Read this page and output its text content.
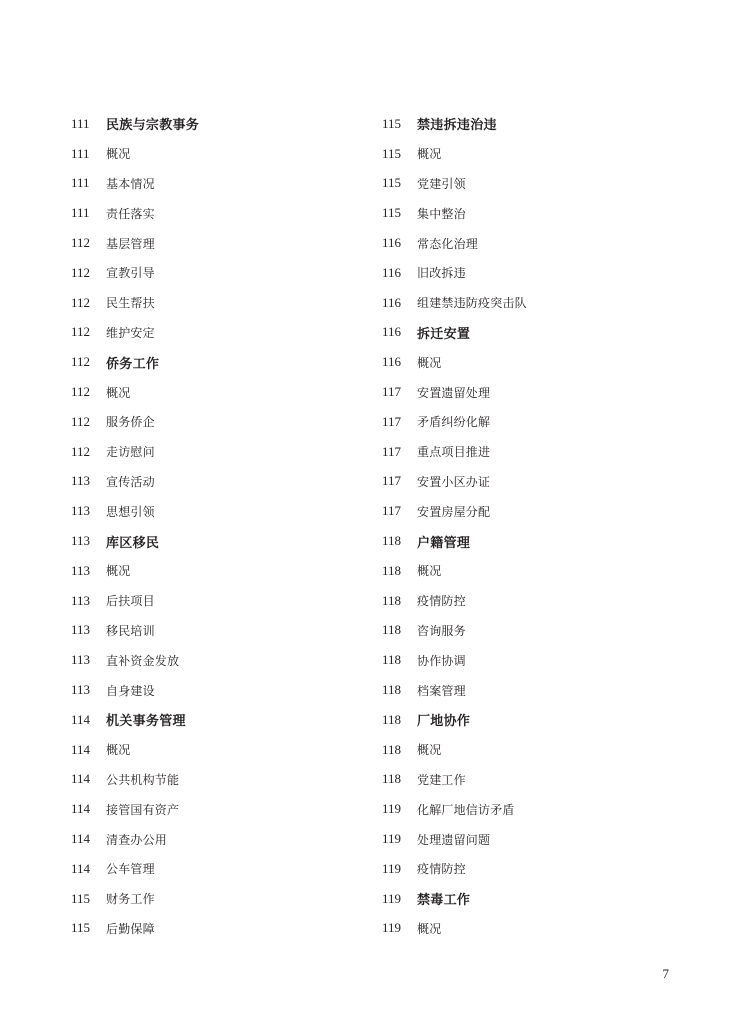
111	民族与宗教事务
111	概况
111	基本情况
111	责任落实
112	基层管理
112	宣教引导
112	民生帮扶
112	维护安定
112	侨务工作
112	概况
112	服务侨企
112	走访慰问
113	宣传活动
113	思想引领
113	库区移民
113	概况
113	后扶项目
113	移民培训
113	直补资金发放
113	自身建设
114	机关事务管理
114	概况
114	公共机构节能
114	接管国有资产
114	清查办公用
114	公车管理
115	财务工作
115	后勤保障
115	禁违拆违治违
115	概况
115	党建引领
115	集中整治
116	常态化治理
116	旧改拆违
116	组建禁违防疫突击队
116	拆迁安置
116	概况
117	安置遗留处理
117	矛盾纠纷化解
117	重点项目推进
117	安置小区办证
117	安置房屋分配
118	户籍管理
118	概况
118	疫情防控
118	咨询服务
118	协作协调
118	档案管理
118	厂地协作
118	概况
118	党建工作
119	化解厂地信访矛盾
119	处理遗留问题
119	疫情防控
119	禁毒工作
119	概况
7
